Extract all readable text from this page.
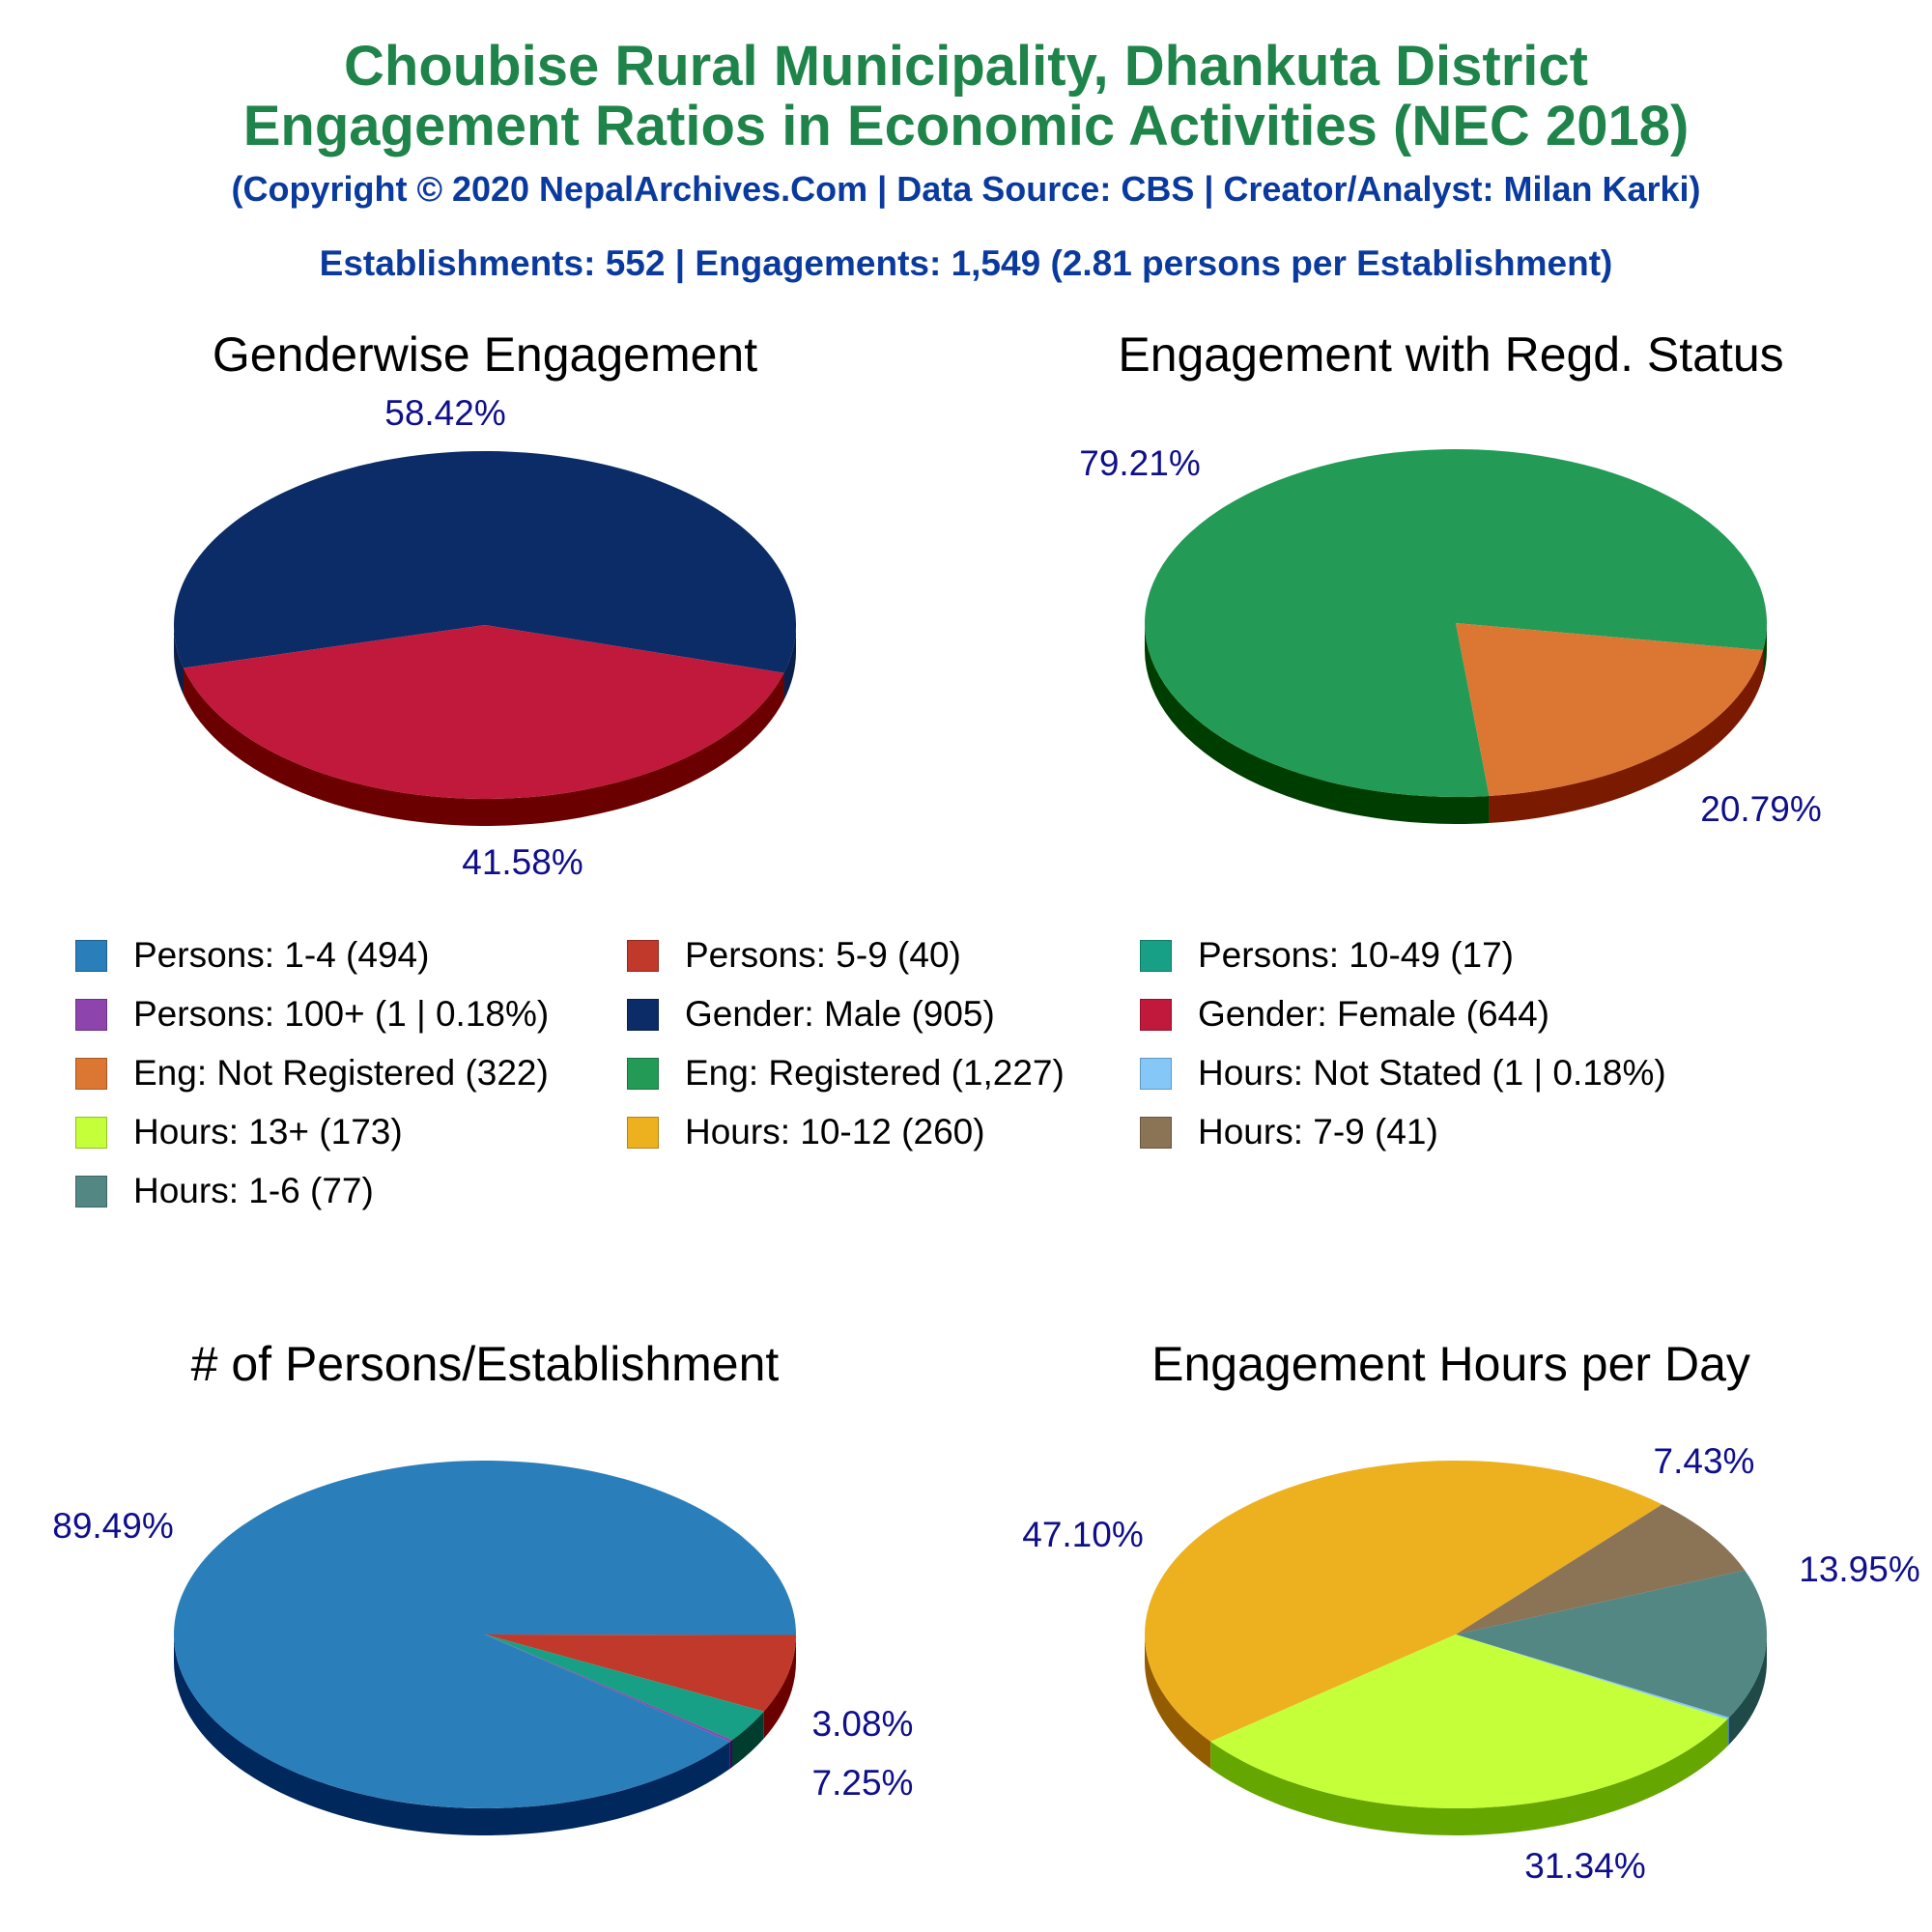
Choubise Rural Municipality, Dhankuta District
Engagement Ratios in Economic Activities (NEC 2018)
(Copyright © 2020 NepalArchives.Com | Data Source: CBS | Creator/Analyst: Milan Karki)
Establishments: 552 | Engagements: 1,549 (2.81 persons per Establishment)
Genderwise Engagement	Engagement with Regd. Status
# of Persons/Establishment	Engagement Hours per Day
58.42%
41.58%
79.21%
20.79%
89.49%
7.25%
3.08%
47.10%
7.43%
13.95%
31.34%
Persons: 1-4 (494)	Persons: 5-9 (40)	Persons: 10-49 (17)
Persons: 100+ (1 | 0.18%)	Gender: Male (905)	Gender: Female (644)
Eng: Not Registered (322)	Eng: Registered (1,227)	Hours: Not Stated (1 | 0.18%)
Hours: 13+ (173)	Hours: 10-12 (260)	Hours: 7-9 (41)
Hours: 1-6 (77)
